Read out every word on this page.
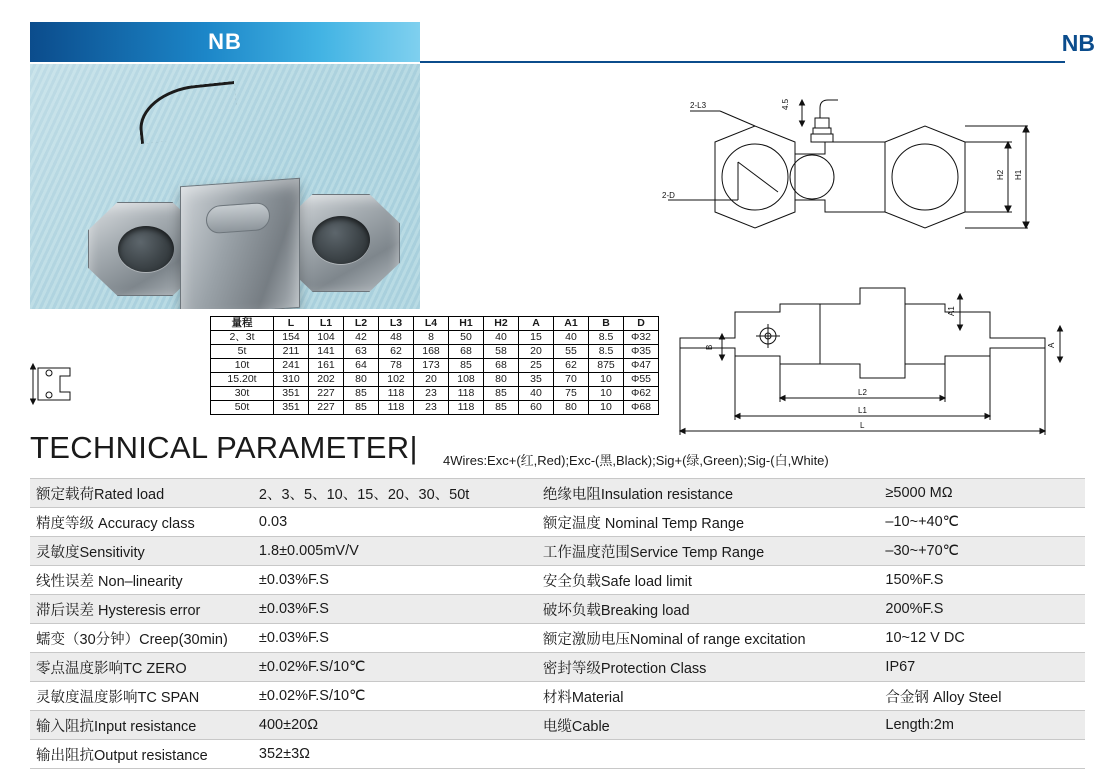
NB	NB
量程	L	L1	L2	L3	L4	H1	H2	A	A1	B	D
2、3t	154	104	42	48	8	50	40	15	40	8.5	Φ32
5t	211	141	63	62	168	68	58	20	55	8.5	Φ35
10t	241	161	64	78	173	85	68	25	62	875	Φ47
15.20t	310	202	80	102	20	108	80	35	70	10	Φ55
30t	351	227	85	118	23	118	85	40	75	10	Φ62
50t	351	227	85	118	23	118	85	60	80	10	Φ68
2-L3	4.5
2-D
H2 H1
B
A1
A
L2
L1
L
TECHNICAL PARAMETER| 4Wires:Exc+(红,Red);Exc-(黑,Black);Sig+(绿,Green);Sig-(白,White)
额定载荷Rated load	2、3、5、10、15、20、30、50t	绝缘电阻Insulation resistance	≥5000 MΩ
精度等级 Accuracy class	0.03	额定温度 Nominal Temp Range	–10~+40℃
灵敏度Sensitivity	1.8±0.005mV/V	工作温度范围Service Temp Range	–30~+70℃
线性误差 Non–linearity	±0.03%F.S	安全负载Safe load limit	150%F.S
滞后误差 Hysteresis error	±0.03%F.S	破坏负载Breaking load	200%F.S
蠕变（30分钟）Creep(30min)	±0.03%F.S	额定激励电压Nominal of range excitation	10~12 V DC
零点温度影响TC ZERO	±0.02%F.S/10℃	密封等级Protection Class	IP67
灵敏度温度影响TC SPAN	±0.02%F.S/10℃	材料Material	合金钢 Alloy Steel
输入阻抗Input resistance	400±20Ω	电缆Cable	Length:2m
输出阻抗Output resistance	352±3Ω		
